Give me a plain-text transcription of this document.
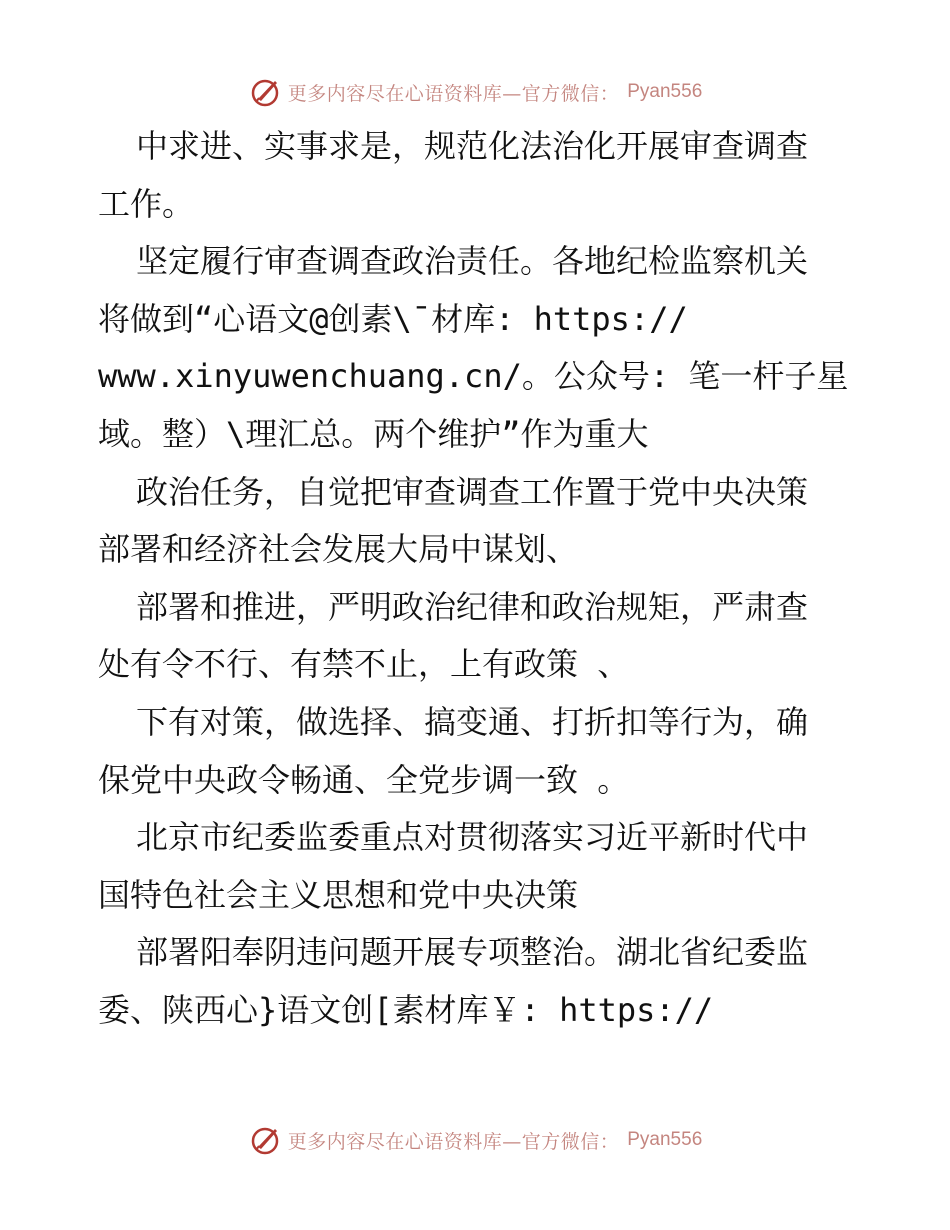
更多内容尽在心语资料库—官方微信： Pyan556
中求进、实事求是，规范化法治化开展审查调查
工作。
坚定履行审查调查政治责任。各地纪检监察机关
将做到“心语文@创素\¯材库: https://
www.xinyuwenchuang.cn/。公众号: 笔一杆子星
域。整）\理汇总。两个维护”作为重大
政治任务，自觉把审查调查工作置于党中央决策
部署和经济社会发展大局中谋划、
部署和推进，严明政治纪律和政治规矩，严肃查
处有令不行、有禁不止，上有政策 、
下有对策，做选择、搞变通、打折扣等行为，确
保党中央政令畅通、全党步调一致 。
北京市纪委监委重点对贯彻落实习近平新时代中
国特色社会主义思想和党中央决策
部署阳奉阴违问题开展专项整治。湖北省纪委监
委、陕西心}语文创[素材库￥: https://
更多内容尽在心语资料库—官方微信： Pyan556
